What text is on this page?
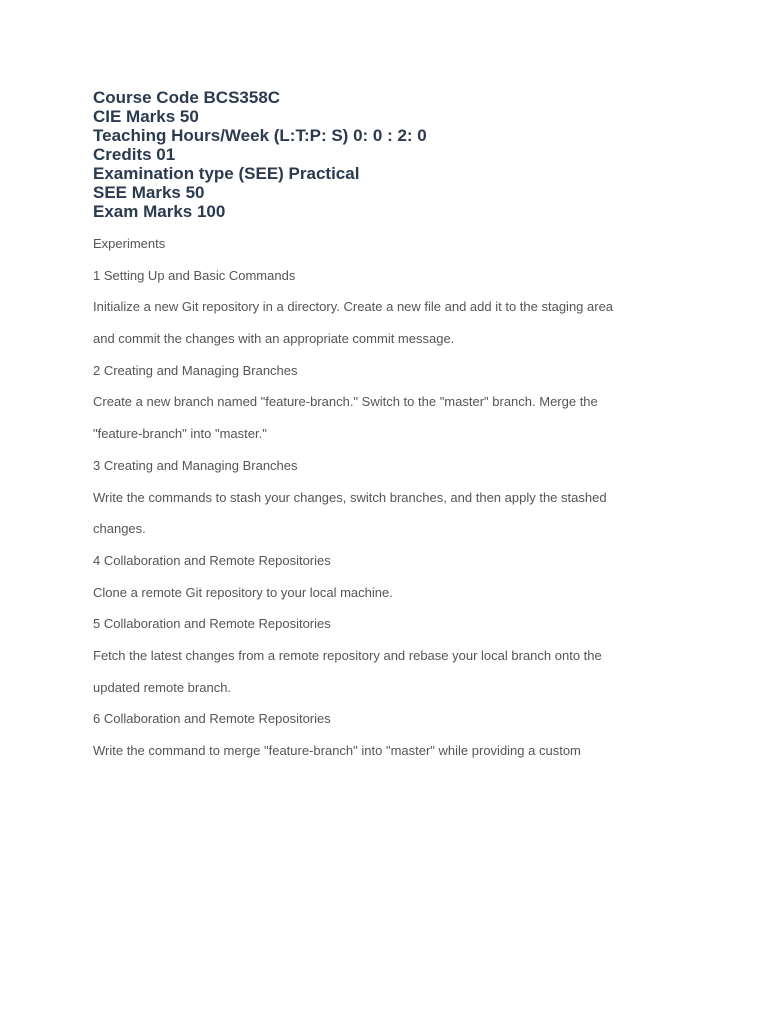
Course Code BCS358C
CIE Marks 50
Teaching Hours/Week (L:T:P: S) 0: 0 : 2: 0
Credits 01
Examination type (SEE) Practical
SEE Marks 50
Exam Marks 100
Experiments
1 Setting Up and Basic Commands
Initialize a new Git repository in a directory. Create a new file and add it to the staging area
and commit the changes with an appropriate commit message.
2 Creating and Managing Branches
Create a new branch named "feature-branch." Switch to the "master" branch. Merge the
"feature-branch" into "master."
3 Creating and Managing Branches
Write the commands to stash your changes, switch branches, and then apply the stashed
changes.
4 Collaboration and Remote Repositories
Clone a remote Git repository to your local machine.
5 Collaboration and Remote Repositories
Fetch the latest changes from a remote repository and rebase your local branch onto the
updated remote branch.
6 Collaboration and Remote Repositories
Write the command to merge "feature-branch" into "master" while providing a custom
